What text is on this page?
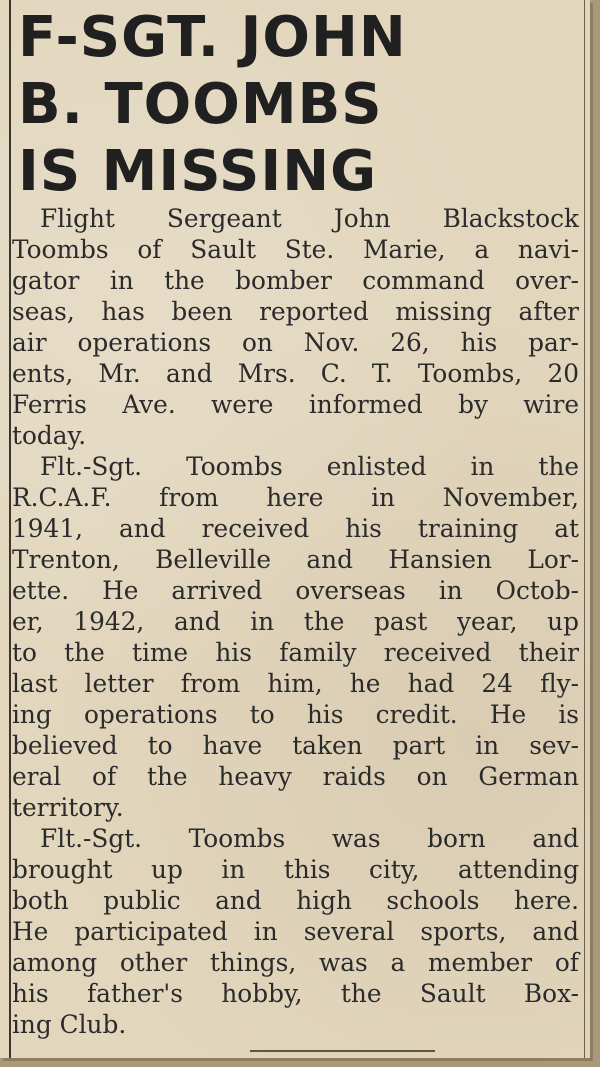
F-SGT. JOHN
B. TOOMBS
IS MISSING

Flight Sergeant John Blackstock
Toombs of Sault Ste. Marie, a navi-
gator in the bomber command over-
seas, has been reported missing after
air operations on Nov. 26, his par-
ents, Mr. and Mrs. C. T. Toombs, 20
Ferris Ave. were informed by wire
today.

Flt.-Sgt. Toombs enlisted in the
R.C.A.F. from here in November,
1941, and received his training at
Trenton, Belleville and Hansien Lor-
ette. He arrived overseas in Octob-
er, 1942, and in the past year, up
to the time his family received their
last letter from him, he had 24 fly-
ing operations to his credit. He is
believed to have taken part in sev-
eral of the heavy raids on German
territory.

Flt.-Sgt. Toombs was born and
brought up in this city, attending
both public and high schools here.
He participated in several sports, and
among other things, was a member of
his father's hobby, the Sault Box-
ing Club.
